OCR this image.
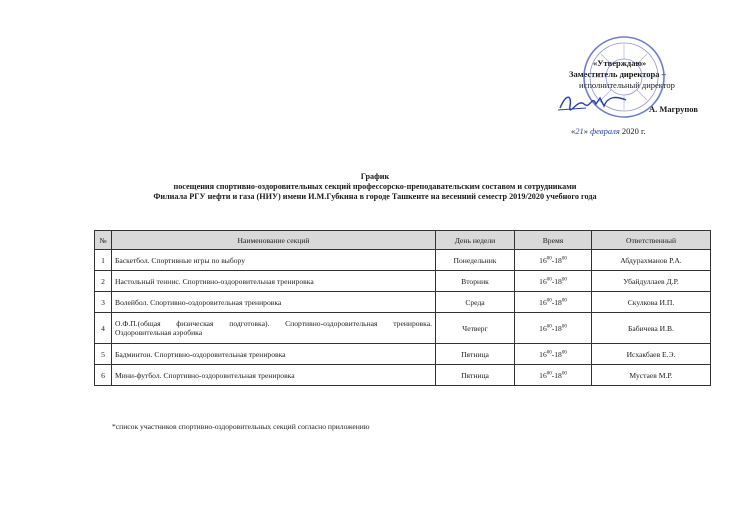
«Утверждаю»
Заместитель директора –
исполнительный директор
А. Магрупов
«21» февраля 2020 г.
График
посещения спортивно-оздоровительных секций профессорско-преподавательским составом и сотрудниками
Филиала РГУ нефти и газа (НИУ) имени И.М.Губкина в городе Ташкенте на весенний семестр 2019/2020 учебного года
№	Наименование секций	День недели	Время	Ответственный
1	Баскетбол. Спортивные игры по выбору	Понедельник	$16^{00}-18^{00}$	Абдурахманов Р.А.
2	Настольный теннис. Спортивно-оздоровительная тренировка	Вторник	$16^{00}-18^{00}$	Убайдуллаев Д.Р.
3	Волейбол. Спортивно-оздоровительная тренировка	Среда	$16^{00}-18^{00}$	Скулкова И.П.
4	О.Ф.П.(общая физическая подготовка). Спортивно-оздоровительная тренировка. Оздоровительная аэробика	Четверг	$16^{00}-18^{00}$	Бабичева И.В.
5	Бадминтон. Спортивно-оздоровительная тренировка	Пятница	$16^{00}-18^{00}$	Исхакбаев Е.Э.
6	Мини-футбол. Спортивно-оздоровительная тренировка	Пятница	$16^{00}-18^{00}$	Мустаев М.Р.
*список участников спортивно-оздоровительных секций согласно приложению
